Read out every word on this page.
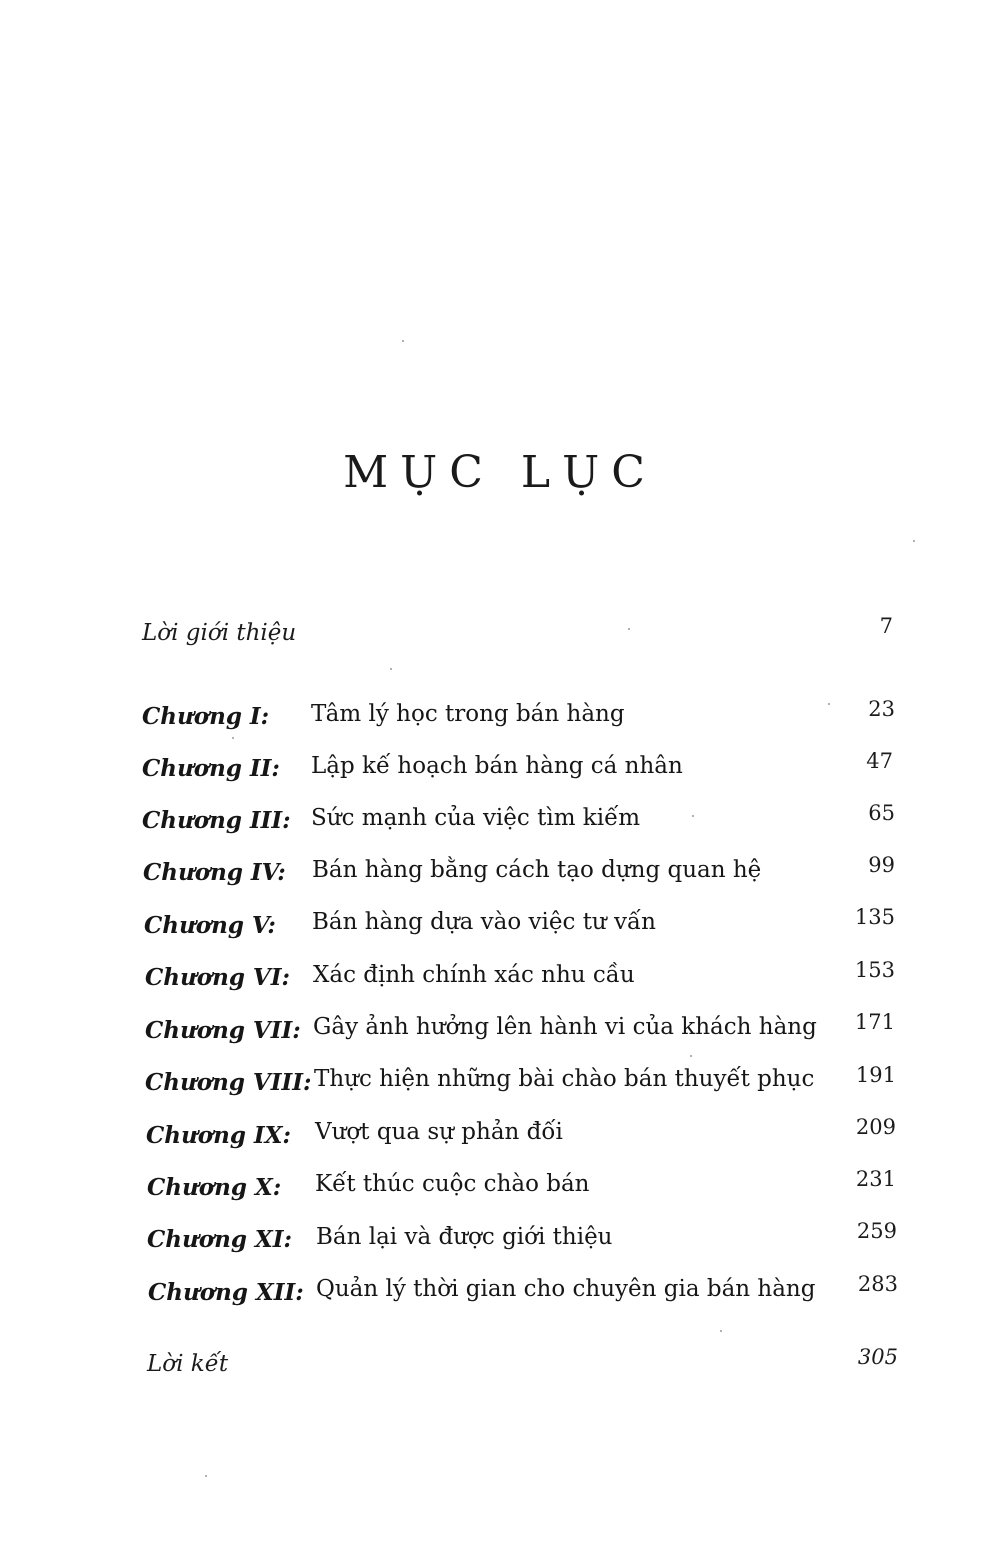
MỤC LỤC
Lời giới thiệu	7
Chương I: Tâm lý học trong bán hàng	23
Chương II: Lập kế hoạch bán hàng cá nhân	47
Chương III: Sức mạnh của việc tìm kiếm	65
Chương IV: Bán hàng bằng cách tạo dựng quan hệ	99
Chương V: Bán hàng dựa vào việc tư vấn	135
Chương VI: Xác định chính xác nhu cầu	153
Chương VII: Gây ảnh hưởng lên hành vi của khách hàng	171
Chương VIII: Thực hiện những bài chào bán thuyết phục	191
Chương IX: Vượt qua sự phản đối	209
Chương X: Kết thúc cuộc chào bán	231
Chương XI: Bán lại và được giới thiệu	259
Chương XII: Quản lý thời gian cho chuyên gia bán hàng	283
Lời kết	305
